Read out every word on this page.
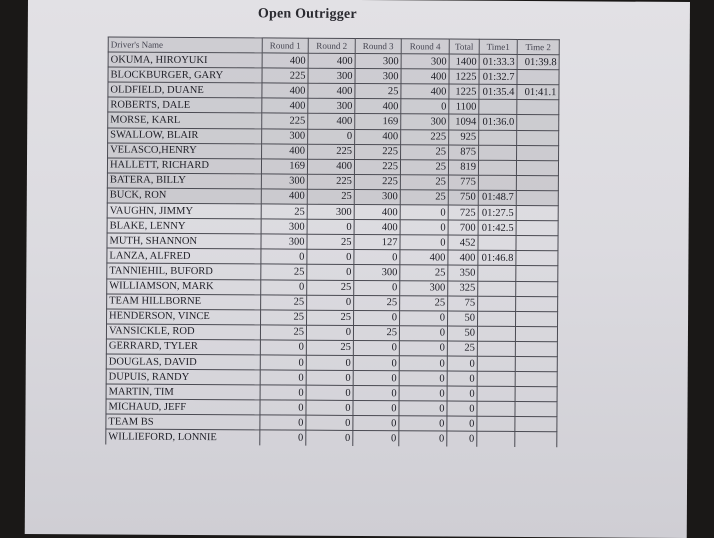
Open Outrigger
Driver's Name	Round 1	Round 2	Round 3	Round 4	Total	Time1	Time 2
OKUMA, HIROYUKI	400	400	300	300	1400	01:33.3	01:39.8
BLOCKBURGER, GARY	225	300	300	400	1225	01:32.7	
OLDFIELD, DUANE	400	400	25	400	1225	01:35.4	01:41.1
ROBERTS, DALE	400	300	400	0	1100		
MORSE, KARL	225	400	169	300	1094	01:36.0	
SWALLOW, BLAIR	300	0	400	225	925		
VELASCO,HENRY	400	225	225	25	875		
HALLETT, RICHARD	169	400	225	25	819		
BATERA, BILLY	300	225	225	25	775		
BUCK, RON	400	25	300	25	750	01:48.7	
VAUGHN, JIMMY	25	300	400	0	725	01:27.5	
BLAKE, LENNY	300	0	400	0	700	01:42.5	
MUTH, SHANNON	300	25	127	0	452		
LANZA, ALFRED	0	0	0	400	400	01:46.8	
TANNIEHIL, BUFORD	25	0	300	25	350		
WILLIAMSON, MARK	0	25	0	300	325		
TEAM HILLBORNE	25	0	25	25	75		
HENDERSON, VINCE	25	25	0	0	50		
VANSICKLE, ROD	25	0	25	0	50		
GERRARD, TYLER	0	25	0	0	25		
DOUGLAS, DAVID	0	0	0	0	0		
DUPUIS, RANDY	0	0	0	0	0		
MARTIN, TIM	0	0	0	0	0		
MICHAUD, JEFF	0	0	0	0	0		
TEAM BS	0	0	0	0	0		
WILLIEFORD, LONNIE	0	0	0	0	0		
